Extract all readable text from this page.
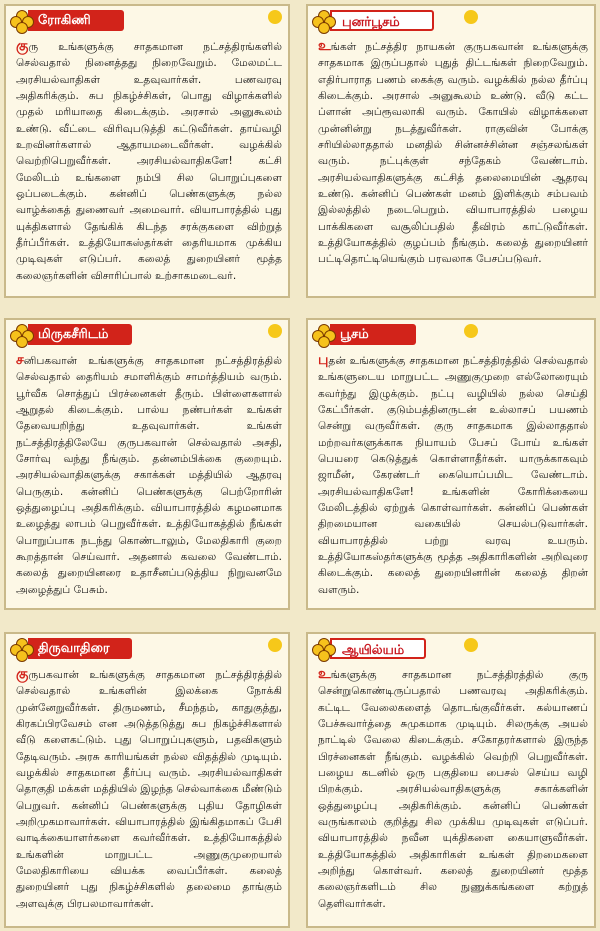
ரோகிணி
குரு உங்களுக்கு சாதகமான நட்சத்திரங்களில் செல்வதால் நினைத்தது நிறைவேறும். மேலமட்ட அரசியல்வாதிகள் உதவுவார்கள். பணவரவு அதிகரிக்கும். சுப நிகழ்ச்சிகள், பொது விழாக்களில் முதல் மரியாதை கிடைக்கும். அரசால் அனுகூலம் உண்டு. வீட்டை விரிவுபடுத்தி கட்டுவீர்கள். தாய்வழி உறவினர்களால் ஆதாயமடைவீர்கள். வழக்கில் வெற்றிபெறுவீர்கள். அரசியல்வாதிகளே! கட்சி மேலிடம் உங்களை நம்பி சில பொறுப்புகளை ஒப்படைக்கும். கன்னிப் பெண்களுக்கு நல்ல வாழ்க்கைத் துணைவர் அமைவார். வியாபாரத்தில் புது யுக்திகளால் தேங்கிக் கிடந்த சரக்குகளை விற்றுத் தீர்ப்பீர்கள். உத்தியோகஸ்தர்கள் தைரியமாக முக்கிய முடிவுகள் எடுப்பர். கலைத் துறையினர் மூத்த கலைஞர்களின் விசாரிப்பால் உற்சாகமடைவர்.
புனர்பூசம்
உங்கள் நட்சத்திர நாயகன் குருபகவான் உங்களுக்கு சாதகமாக இருப்பதால் புதுத் திட்டங்கள் நிறைவேறும். எதிர்பாராத பணம் கைக்கு வரும். வழக்கில் நல்ல தீர்ப்பு கிடைக்கும். அரசால் அனுகூலம் உண்டு. வீடு கட்ட ப்ளான் அப்ரூவலாகி வரும். கோயில் விழாக்களை முன்னின்று நடத்துவீர்கள். ராகுவின் போக்கு சரியில்லாததால் மனதில் சின்னச்சின்ன சஞ்சலங்கள் வரும். நட்புக்குள் சந்தேகம் வேண்டாம். அரசியல்வாதிகளுக்கு கட்சித் தலைமையின் ஆதரவு உண்டு. கன்னிப் பெண்கள் மனம் இளிக்கும் சம்பவம் இல்லத்தில் நடைபெறும். வியாபாரத்தில் பழைய பாக்கிகளை வசூலிப்பதில் தீவிரம் காட்டுவீர்கள். உத்தியோகத்தில் குழப்பம் நீங்கும். கலைத் துறையினர் பட்டிதொட்டியெங்கும் பரவலாக பேசப்படுவர்.
மிருகசீரிடம்
சனிபகவான் உங்களுக்கு சாதகமான நட்சத்திரத்தில் செல்வதால் தைரியம் சமாளிக்கும் சாமர்த்தியம் வரும். பூர்வீக சொத்துப் பிரச்னைகள் தீரும். பிள்ளைகளால் ஆறுதல் கிடைக்கும். பால்ய நண்பர்கள் உங்கள் தேவையறிந்து உதவுவார்கள். உங்கள் நட்சத்திரத்திலேயே குருபகவான் செல்வதால் அசதி, சோர்வு வந்து நீங்கும். தன்னம்பிக்கை குறையும். அரசியல்வாதிகளுக்கு சகாக்கள் மத்தியில் ஆதரவு பெருகும். கன்னிப் பெண்களுக்கு பெற்றோரின் ஒத்துழைப்பு அதிகரிக்கும். வியாபாரத்தில் கழமனமாக உழைத்து லாபம் பெறுவீர்கள். உத்தியோகத்தில் நீங்கள் பொறுப்பாக நடந்து கொண்டாலும், மேலதிகாரி குறை கூறத்தான் செய்வார். அதனால் கவலை வேண்டாம். கலைத் துறையினரை உதாசீனப்படுத்திய நிறுவனமே அழைத்துப் பேசும்.
பூசம்
புதன் உங்களுக்கு சாதகமான நட்சத்திரத்தில் செல்வதால் உங்களுடைய மாறுபட்ட அணுகுமுறை எல்லோரையும் கவர்ந்து இழுக்கும். நட்பு வழியில் நல்ல செய்தி கேட்பீர்கள். குடும்பத்தினருடன் உல்லாசப் பயணம் சென்று வருவீர்கள். குரு சாதகமாக இல்லாததால் மற்றவர்களுக்காக நியாயம் பேசப் போய் உங்கள் பெயரை கெடுத்துக் கொள்ளாதீர்கள். யாருக்காகவும் ஜாமீன், கேரண்டர் கையொப்பமிட வேண்டாம். அரசியல்வாதிகளே! உங்களின் கோரிக்கையை மேலிடத்தில் ஏற்றுக் கொள்வார்கள். கன்னிப் பெண்கள் திறமையான வகையில் செயல்படுவார்கள். வியாபாரத்தில் பற்று வரவு உயரும். உத்தியோகஸ்தர்களுக்கு மூத்த அதிகாரிகளின் அறிவுரை கிடைக்கும். கலைத் துறையினரின் கலைத் திறன் வளரும்.
திருவாதிரை
குருபகவான் உங்களுக்கு சாதகமான நட்சத்திரத்தில் செல்வதால் உங்களின் இலக்கை நோக்கி முன்னேறுவீர்கள். திருமணம், சீமந்தம், காதுகுத்து, கிரகப்பிரவேசம் என அடுத்தடுத்து சுப நிகழ்ச்சிகளால் வீடு களைகட்டும். புது பொறுப்புகளும், பதவிகளும் தேடிவரும். அரசு காரியங்கள் நல்ல விதத்தில் முடியும். வழக்கில் சாதகமான தீர்ப்பு வரும். அரசியல்வாதிகள் தொகுதி மக்கள் மத்தியில் இழந்த செல்வாக்கை மீண்டும் பெறுவர். கன்னிப் பெண்களுக்கு புதிய தோழிகள் அறிமுகமாவார்கள். வியாபாரத்தில் இங்கிதமாகப் பேசி வாடிக்கையாளர்களை கவர்வீர்கள். உத்தியோகத்தில் உங்களின் மாறுபட்ட அணுகுமுறையால் மேலதிகாரியை வியக்க வைப்பீர்கள். கலைத் துறையினர் புது நிகழ்ச்சிகளில் தலைமை தாங்கும் அளவுக்கு பிரபலமாவார்கள்.
ஆயில்யம்
உங்களுக்கு சாதகமான நட்சத்திரத்தில் குரு சென்றுகொண்டிருப்பதால் பணவரவு அதிகரிக்கும். கட்டிட வேலைகளைத் தொடங்குவீர்கள். கல்யாணப் பேச்சுவார்த்தை சுமுகமாக முடியும். சிலருக்கு அயல் நாட்டில் வேலை கிடைக்கும். சகோதரர்களால் இருந்த பிரச்னைகள் நீங்கும். வழக்கில் வெற்றி பெறுவீர்கள். பழைய கடனில் ஒரு பகுதியை பைசல் செய்ய வழி பிறக்கும். அரசியல்வாதிகளுக்கு சகாக்களின் ஒத்துழைப்பு அதிகரிக்கும். கன்னிப் பெண்கள் வருங்காலம் குறித்து சில முக்கிய முடிவுகள் எடுப்பர். வியாபாரத்தில் நவீன யுக்திகளை கையாளுவீர்கள். உத்தியோகத்தில் அதிகாரிகள் உங்கள் திறமைகளை அறிந்து கொள்வர். கலைத் துறையினர் மூத்த கலைஞர்களிடம் சில நுணுக்கங்களை கற்றுத் தெளிவார்கள்.
